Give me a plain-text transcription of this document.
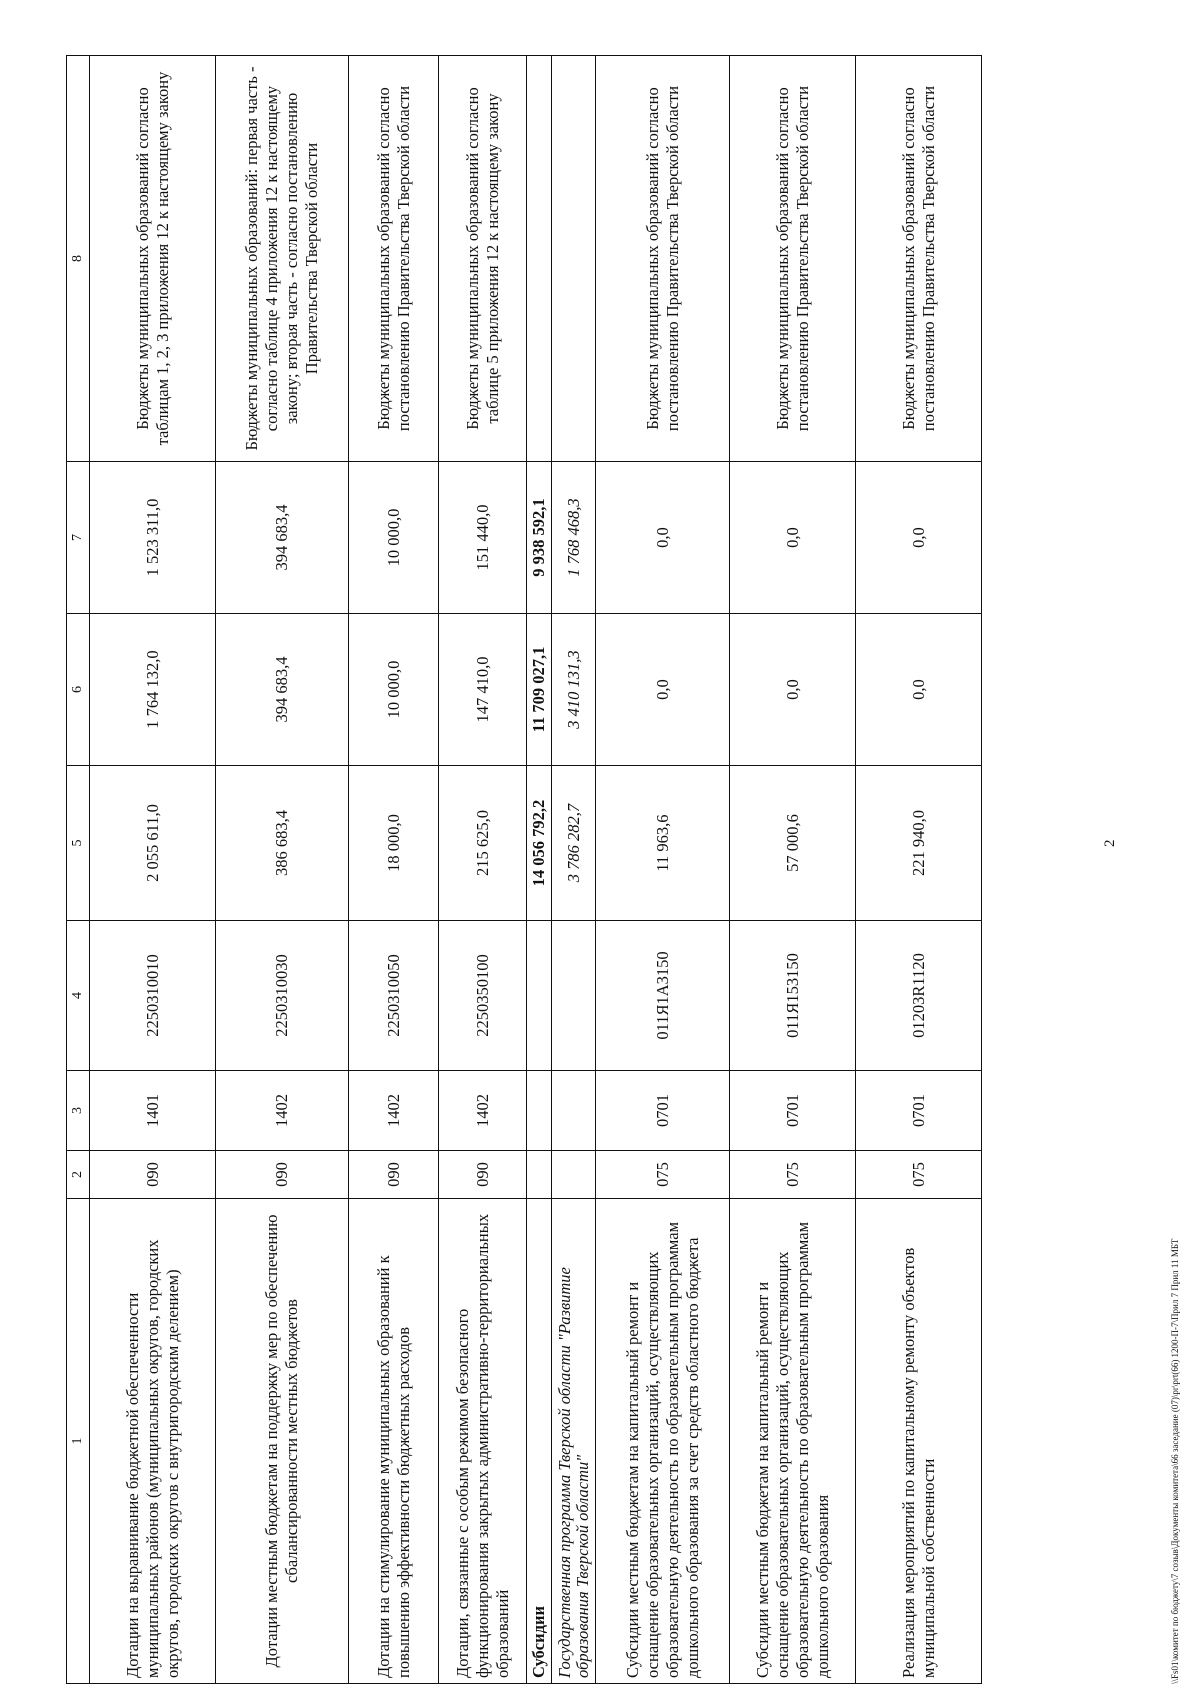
2
1	2	3	4	5	6	7	8
Дотации на выравнивание бюджетной обеспеченности муниципальных районов (муниципальных округов, городских округов, городских округов с внутригородским делением)	090	1401	2250310010	2 055 611,0	1 764 132,0	1 523 311,0	Бюджеты муниципальных образований согласно таблицам 1, 2, 3 приложения 12 к настоящему закону
Дотации местным бюджетам на поддержку мер по обеспечению сбалансированности местных бюджетов	090	1402	2250310030	386 683,4	394 683,4	394 683,4	Бюджеты муниципальных образований: первая часть - согласно таблице 4 приложения 12 к настоящему закону; вторая часть - согласно постановлению Правительства Тверской области
Дотации на стимулирование муниципальных образований к повышению эффективности бюджетных расходов	090	1402	2250310050	18 000,0	10 000,0	10 000,0	Бюджеты муниципальных образований согласно постановлению Правительства Тверской области
Дотации, связанные с особым режимом безопасного функционирования закрытых административно-территориальных образований	090	1402	2250350100	215 625,0	147 410,0	151 440,0	Бюджеты муниципальных образований согласно таблице 5 приложения 12 к настоящему закону
Субсидии				14 056 792,2	11 709 027,1	9 938 592,1	
Государственная программа Тверской области "Развитие образования Тверской области"				3 786 282,7	3 410 131,3	1 768 468,3	
Субсидии местным бюджетам на капитальный ремонт и оснащение образовательных организаций, осуществляющих образовательную деятельность по образовательным программам дошкольного образования за счет средств областного бюджета	075	0701	011Я1А3150	11 963,6	0,0	0,0	Бюджеты муниципальных образований согласно постановлению Правительства Тверской области
Субсидии местным бюджетам на капитальный ремонт и оснащение образовательных организаций, осуществляющих образовательную деятельность по образовательным программам дошкольного образования	075	0701	011Я153150	57 000,6	0,0	0,0	Бюджеты муниципальных образований согласно постановлению Правительства Тверской области
Реализация мероприятий по капитальному ремонту объектов муниципальной собственности	075	0701	01203R1120	221 940,0	0,0	0,0	Бюджеты муниципальных образований согласно постановлению Правительства Тверской области
\\Fs01\комитет по бюджету\7 созыв\Документы комитета\66 заседание (07)\pr\prt(66) 1200-П-7\Прил 7 Прил 11 МБТ
